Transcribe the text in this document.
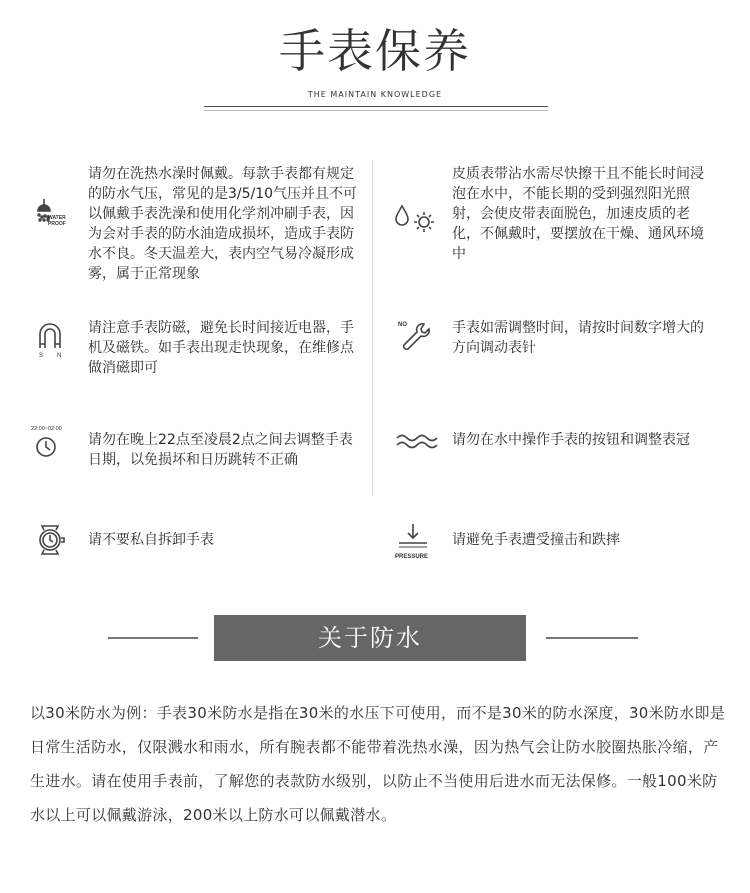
手表保养
THE MAINTAIN KNOWLEDGE
WATER
PROOF
请勿在洗热水澡时佩戴。每款手表都有规定的防水气压，常见的是3/5/10气压并且不可以佩戴手表洗澡和使用化学剂冲刷手表，因为会对手表的防水油造成损坏，造成手表防水不良。冬天温差大，表内空气易冷凝形成雾，属于正常现象
皮质表带沾水需尽快擦干且不能长时间浸泡在水中，不能长期的受到强烈阳光照射，会使皮带表面脱色，加速皮质的老化，不佩戴时，要摆放在干燥、通风环境中
S N
请注意手表防磁，避免长时间接近电器，手机及磁铁。如手表出现走快现象，在维修点做消磁即可
NO	手表如需调整时间，请按时间数字增大的方向调动表针
22:00~02:00
请勿在晚上22点至凌晨2点之间去调整手表日期，以免损坏和日历跳转不正确
请勿在水中操作手表的按钮和调整表冠
请不要私自拆卸手表
PRESSURE
请避免手表遭受撞击和跌摔
关于防水
以30米防水为例：手表30米防水是指在30米的水压下可使用，而不是30米的防水深度，30米防水即是日常生活防水，仅限溅水和雨水，所有腕表都不能带着洗热水澡，因为热气会让防水胶圈热胀冷缩，产生进水。请在使用手表前，了解您的表款防水级别，以防止不当使用后进水而无法保修。一般100米防水以上可以佩戴游泳，200米以上防水可以佩戴潜水。
